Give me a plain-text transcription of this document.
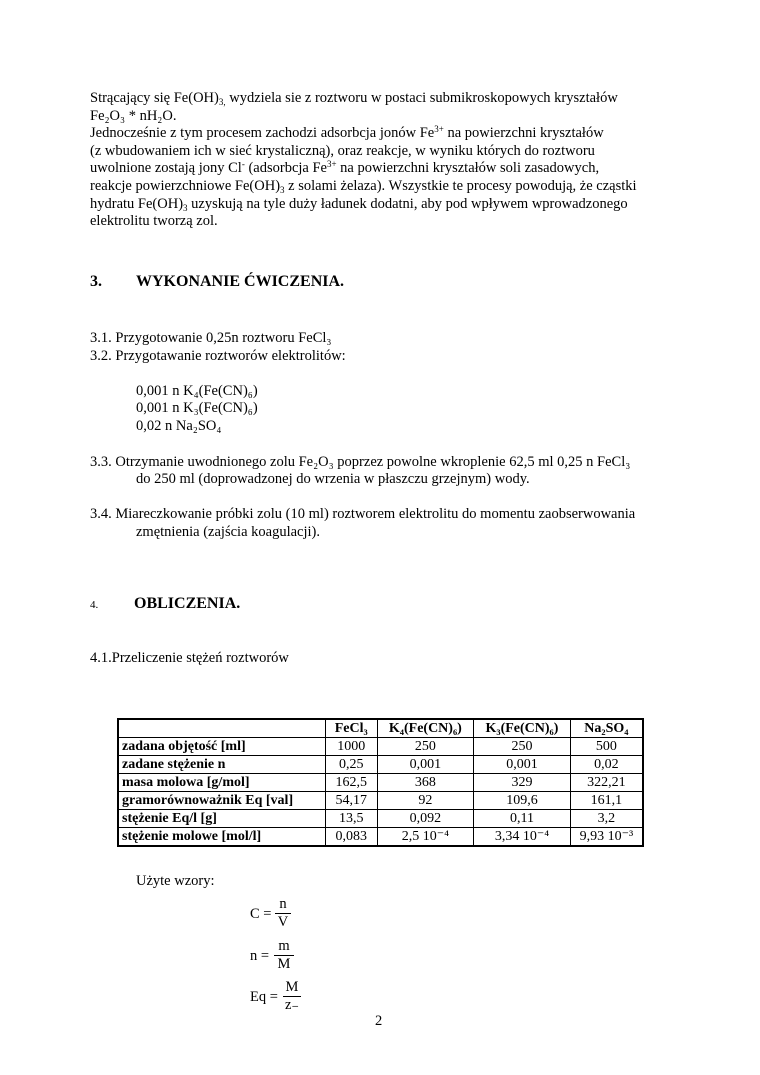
Strącający się $Fe(OH)_{3,}$ wydziela sie z roztworu w postaci submikroskopowych kryształów
Fe₂O₃ * nH₂O.
Jednocześnie z tym procesem zachodzi adsorbcja jonów $Fe^{3+}$ na powierzchni kryształów
(z wbudowaniem ich w sieć krystaliczną), oraz reakcje, w wyniku których do roztworu
uwolnione zostają jony Cl- (adsorbcja $Fe^{3+}$ na powierzchni kryształów soli zasadowych,
reakcje powierzchniowe $Fe(OH)_3$ z solami żelaza). Wszystkie te procesy powodują, że cząstki
hydratu $Fe(OH)_3$ uzyskują na tyle duży ładunek dodatni, aby pod wpływem wprowadzonego
elektrolitu tworzą zol.
3. WYKONANIE ĆWICZENIA.
3.1. Przygotowanie 0,25n roztworu FeCl₃
3.2. Przygotawanie roztworów elektrolitów:
0,001 n K₄(Fe(CN)₆)
0,001 n K₃(Fe(CN)₆)
0,02 n Na₂SO₄
3.3. Otrzymanie uwodnionego zolu Fe₂O₃ poprzez powolne wkroplenie 62,5 ml 0,25 n FeCl₃
do 250 ml (doprowadzonej do wrzenia w płaszczu grzejnym) wody.
3.4. Miareczkowanie próbki zolu (10 ml) roztworem elektrolitu do momentu zaobserwowania
zmętnienia (zajścia koagulacji).
4. OBLICZENIA.
4.1.Przeliczenie stężeń roztworów
	FeCl₃	K₄(Fe(CN)₆)	K₃(Fe(CN)₆)	Na₂SO₄
zadana objętość [ml]	1000	250	250	500
zadane stężenie n	0,25	0,001	0,001	0,02
masa molowa [g/mol]	162,5	368	329	322,21
gramorównoważnik Eq [val]	54,17	92	109,6	161,1
stężenie Eq/l [g]	13,5	0,092	0,11	3,2
stężenie molowe [mol/l]	0,083	2,5 10⁻⁴	3,34 10⁻⁴	9,93 10⁻³
Użyte wzory:
C =
n
V
n =
m
M
Eq =
M
z₋
2
